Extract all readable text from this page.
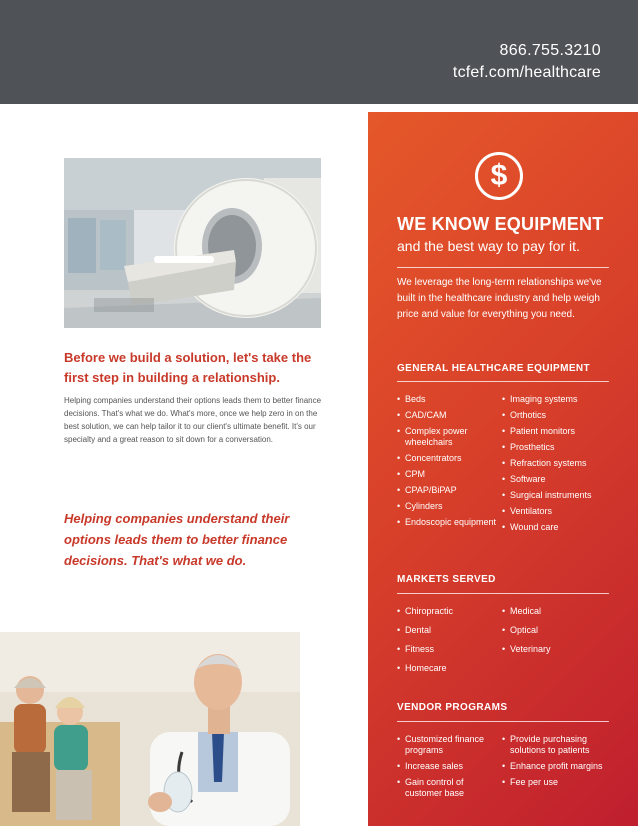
866.755.3210
tcfef.com/healthcare
Before we build a solution, let's take the first step in building a relationship.
Helping companies understand their options leads them to better finance decisions. That's what we do. What's more, once we help zero in on the best solution, we can help tailor it to our client's ultimate benefit. It's our specialty and a great reason to sit down for a conversation.
Helping companies understand their options leads them to better finance decisions. That's what we do.
$
WE KNOW EQUIPMENT
and the best way to pay for it.
We leverage the long-term relationships we've built in the healthcare industry and help weigh price and value for everything you need.
GENERAL HEALTHCARE EQUIPMENT
• Beds
• CAD/CAM
• Complex power wheelchairs
• Concentrators
• CPM
• CPAP/BiPAP
• Cylinders
• Endoscopic equipment
• Imaging systems
• Orthotics
• Patient monitors
• Prosthetics
• Refraction systems
• Software
• Surgical instruments
• Ventilators
• Wound care
MARKETS SERVED
• Chiropractic
• Dental
• Fitness
• Homecare
• Medical
• Optical
• Veterinary
VENDOR PROGRAMS
• Customized finance programs
• Increase sales
• Gain control of customer base
• Provide purchasing solutions to patients
• Enhance profit margins
• Fee per use
